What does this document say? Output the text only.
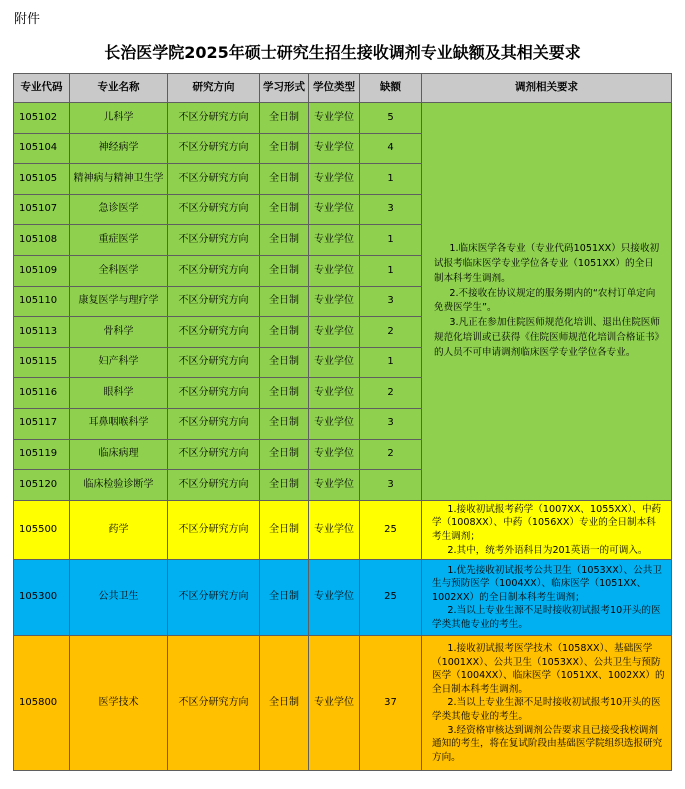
附件
长治医学院2025年硕士研究生招生接收调剂专业缺额及其相关要求
专业代码	专业名称	研究方向	学习形式	学位类型	缺额	调剂相关要求
105102	儿科学	不区分研究方向	全日制	专业学位	5	1.临床医学各专业（专业代码1051XX）只接收初试报考临床医学专业学位各专业（1051XX）的全日制本科考生调剂。

2.不接收在协议规定的服务期内的“农村订单定向免费医学生”。

3.凡正在参加住院医师规范化培训、退出住院医师规范化培训或已获得《住院医师规范化培训合格证书》的人员不可申请调剂临床医学专业学位各专业。

105104	神经病学	不区分研究方向	全日制	专业学位	4	
105105	精神病与精神卫生学	不区分研究方向	全日制	专业学位	1	
105107	急诊医学	不区分研究方向	全日制	专业学位	3	
105108	重症医学	不区分研究方向	全日制	专业学位	1	
105109	全科医学	不区分研究方向	全日制	专业学位	1	
105110	康复医学与理疗学	不区分研究方向	全日制	专业学位	3	
105113	骨科学	不区分研究方向	全日制	专业学位	2	
105115	妇产科学	不区分研究方向	全日制	专业学位	1	
105116	眼科学	不区分研究方向	全日制	专业学位	2	
105117	耳鼻咽喉科学	不区分研究方向	全日制	专业学位	3	
105119	临床病理	不区分研究方向	全日制	专业学位	2	
105120	临床检验诊断学	不区分研究方向	全日制	专业学位	3	
105500	药学	不区分研究方向	全日制	专业学位	25	1.接收初试报考药学（1007XX、1055XX）、中药学（1008XX）、中药（1056XX）专业的全日制本科考生调剂；

2.其中，统考外语科目为201英语一的可调入。

105300	公共卫生	不区分研究方向	全日制	专业学位	25	1.优先接收初试报考公共卫生（1053XX）、公共卫生与预防医学（1004XX）、临床医学（1051XX、1002XX）的全日制本科考生调剂；

2.当以上专业生源不足时接收初试报考10开头的医学类其他专业的考生。

105800	医学技术	不区分研究方向	全日制	专业学位	37	1.接收初试报考医学技术（1058XX）、基础医学（1001XX）、公共卫生（1053XX）、公共卫生与预防医学（1004XX）、临床医学（1051XX、1002XX）的全日制本科考生调剂。

2.当以上专业生源不足时接收初试报考10开头的医学类其他专业的考生。

3.经资格审核达到调剂公告要求且已接受我校调剂通知的考生，将在复试阶段由基础医学院组织选报研究方向。
